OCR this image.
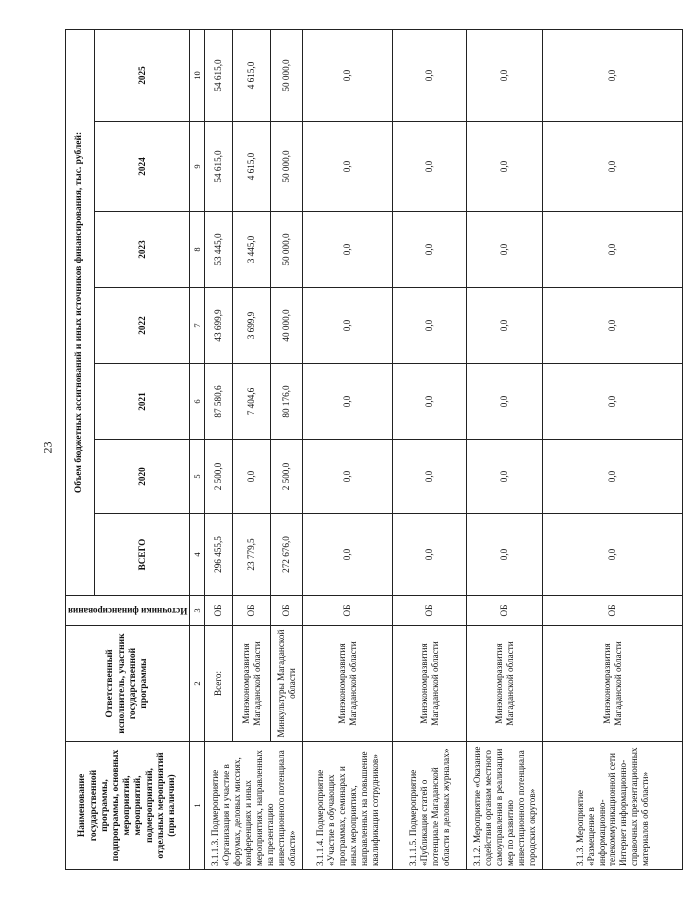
23
Наименование государственной программы, подпрограммы, основных мероприятий, мероприятий, подмероприятий, отдельных мероприятий (при наличии)	Ответственный исполнитель, участник государственной программы	Источники финансирования	Объем бюджетных ассигнований и иных источников финансирования, тыс. рублей:						
			ВСЕГО	2020	2021	2022	2023	2024	2025
1	2	3	4	5	6	7	8	9	10
3.1.1.3. Подмероприятие «Организация и участие в форумах, деловых миссиях, конференциях и иных мероприятиях, направленных на презентацию инвестиционного потенциала области»	Всего:	ОБ	296 455,5	2 500,0	87 580,6	43 699,9	53 445,0	54 615,0	54 615,0
	Минэкономразвития Магаданской области	ОБ	23 779,5	0,0	7 404,6	3 699,9	3 445,0	4 615,0	4 615,0
	Минкультуры Магаданской области	ОБ	272 676,0	2 500,0	80 176,0	40 000,0	50 000,0	50 000,0	50 000,0
3.1.1.4. Подмероприятие «Участие в обучающих программах, семинарах и иных мероприятиях, направленных на повышение квалификации сотрудников»	Минэкономразвития Магаданской области	ОБ	0,0	0,0	0,0	0,0	0,0	0,0	0,0
3.1.1.5. Подмероприятие «Публикация статей о потенциале Магаданской области в деловых журналах»	Минэкономразвития Магаданской области	ОБ	0,0	0,0	0,0	0,0	0,0	0,0	0,0
3.1.2. Мероприятие «Оказание содействия органам местного самоуправления в реализации мер по развитию инвестиционного потенциала городских округов»	Минэкономразвития Магаданской области	ОБ	0,0	0,0	0,0	0,0	0,0	0,0	0,0
3.1.3. Мероприятие «Размещение в информационно-телекоммуникационной сети Интернет информационно-справочных презентационных материалов об области»	Минэкономразвития Магаданской области	ОБ	0,0	0,0	0,0	0,0	0,0	0,0	0,0
